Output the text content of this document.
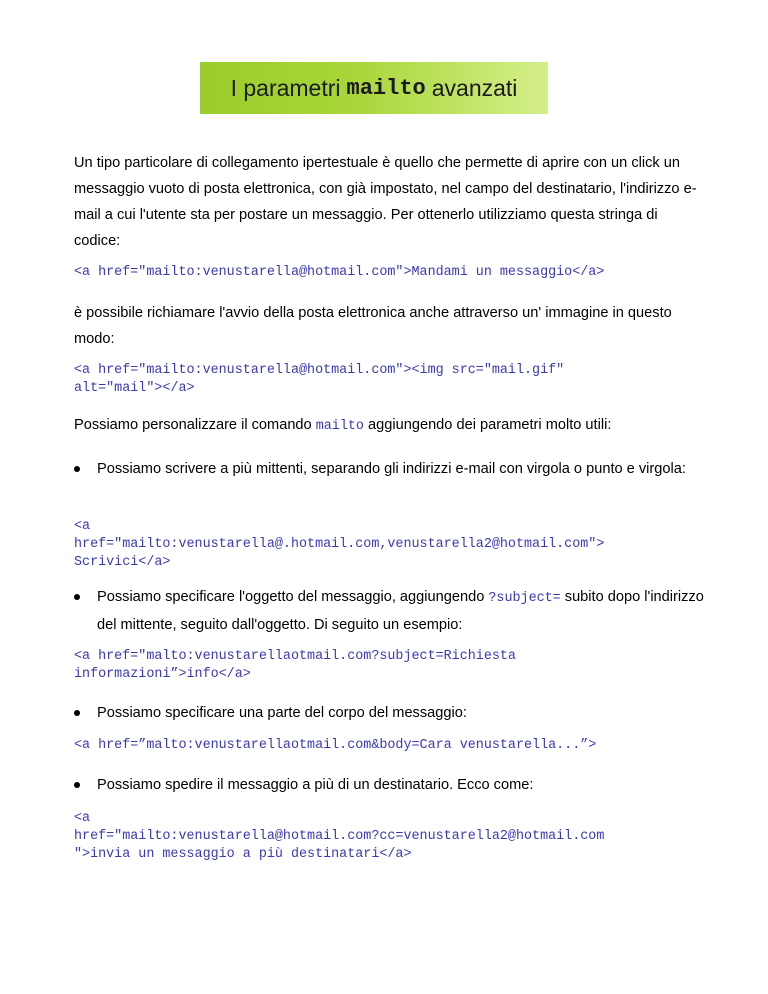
I parametri mailto avanzati
Un tipo particolare di collegamento ipertestuale è quello che permette di aprire con un click un messaggio vuoto di posta elettronica, con già impostato, nel campo del destinatario, l'indirizzo e-mail a cui l'utente sta per postare un messaggio. Per ottenerlo utilizziamo questa stringa di codice:
<a href="mailto:venustarella@hotmail.com">Mandami un messaggio</a>
è possibile richiamare l'avvio della posta elettronica anche attraverso un' immagine in questo modo:
<a href="mailto:venustarella@hotmail.com"><img src="mail.gif"
alt="mail"></a>
Possiamo personalizzare il comando mailto aggiungendo dei parametri molto utili:
Possiamo scrivere a più mittenti, separando gli indirizzi e-mail con virgola o punto e virgola:
<a
href="mailto:venustarella@.hotmail.com,venustarella2@hotmail.com">
Scrivici</a>
Possiamo specificare l'oggetto del messaggio, aggiungendo ?subject= subito dopo l'indirizzo del mittente, seguito dall'oggetto. Di seguito un esempio:
<a href="malto:venustarellaotmail.com?subject=Richiesta
informazioni”>info</a>
Possiamo specificare una parte del corpo del messaggio:
<a href=”malto:venustarellaotmail.com&body=Cara venustarella...”>
Possiamo spedire il messaggio a più di un destinatario. Ecco come:
<a
href="mailto:venustarella@hotmail.com?cc=venustarella2@hotmail.com
">invia un messaggio a più destinatari</a>
